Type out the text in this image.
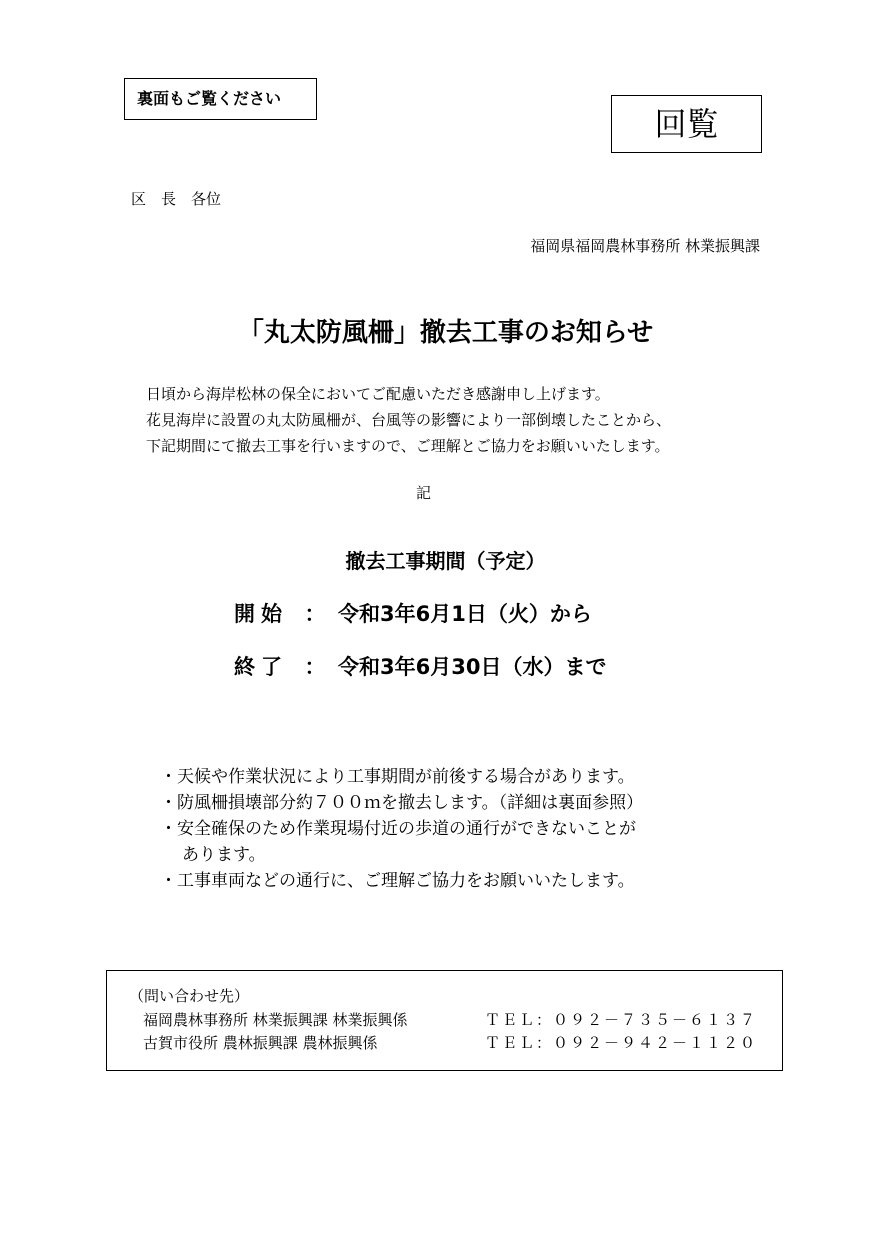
裏面もご覧ください
回覧
区　長　各位
福岡県福岡農林事務所 林業振興課
「丸太防風柵」撤去工事のお知らせ
日頃から海岸松林の保全においてご配慮いただき感謝申し上げます。
花見海岸に設置の丸太防風柵が、台風等の影響により一部倒壊したことから、
下記期間にて撤去工事を行いますので、ご理解とご協力をお願いいたします。
記
撤去工事期間（予定）
開始 ： 令和3年6月1日（火）から
終了 ： 令和3年6月30日（水）まで
・天候や作業状況により工事期間が前後する場合があります。
・防風柵損壊部分約７００ｍを撤去します。（詳細は裏面参照）
・安全確保のため作業現場付近の歩道の通行ができないことが
あります。
・工事車両などの通行に、ご理解ご協力をお願いいたします。
（問い合わせ先）
福岡農林事務所 林業振興課 林業振興係	ＴＥＬ：０９２－７３５－６１３７
古賀市役所 農林振興課 農林振興係	ＴＥＬ：０９２－９４２－１１２０
